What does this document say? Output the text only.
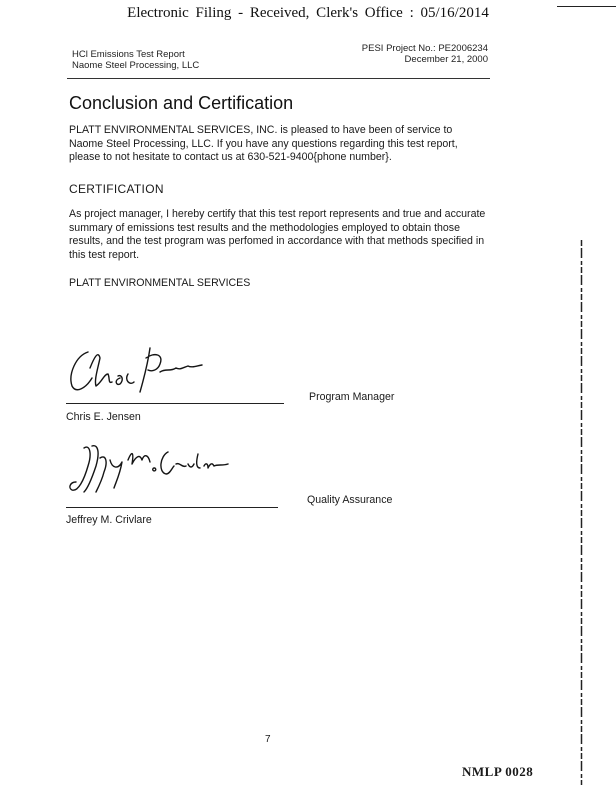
Electronic Filing - Received, Clerk's Office : 05/16/2014
HCl Emissions Test Report
Naome Steel Processing, LLC
PESI Project No.: PE2006234
December 21, 2000
Conclusion and Certification
PLATT ENVIRONMENTAL SERVICES, INC. is pleased to have been of service to Naome Steel Processing, LLC. If you have any questions regarding this test report, please to not hesitate to contact us at 630-521-9400{phone number}.
CERTIFICATION
As project manager, I hereby certify that this test report represents and true and accurate summary of emissions test results and the methodologies employed to obtain those results, and the test program was perfomed in accordance with that methods specified in this test report.
PLATT ENVIRONMENTAL SERVICES
Program Manager
Chris E. Jensen
Quality Assurance
Jeffrey M. Crivlare
7
NMLP 0028
